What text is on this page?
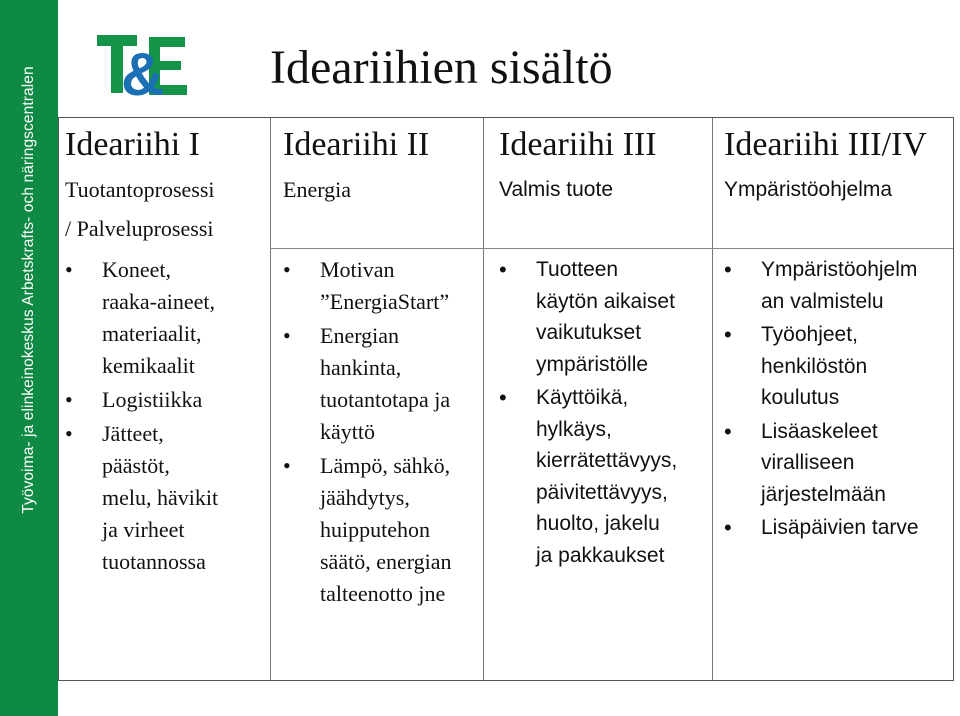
Työvoima- ja elinkeinokeskus Arbetskrafts- och näringscentralen & Ideariihien sisältö
Ideariihi I
Tuotantoprosessi
/ Palveluprosessi
• Koneet,
raaka-aineet,
materiaalit,
kemikaalit
• Logistiikka
• Jätteet,
päästöt,
melu, hävikit
ja virheet
tuotannossa
Ideariihi II
Energia
• Motivan
”EnergiaStart”
• Energian
hankinta,
tuotantotapa ja
käyttö
• Lämpö, sähkö,
jäähdytys,
huipputehon
säätö, energian
talteenotto jne
Ideariihi III
Valmis tuote
• Tuotteen
käytön aikaiset
vaikutukset
ympäristölle
• Käyttöikä,
hylkäys,
kierrätettävyys,
päivitettävyys,
huolto, jakelu
ja pakkaukset
Ideariihi III/IV
Ympäristöohjelma
• Ympäristöohjelm
an valmistelu
• Työohjeet,
henkilöstön
koulutus
• Lisäaskeleet
viralliseen
järjestelmään
• Lisäpäivien tarve
